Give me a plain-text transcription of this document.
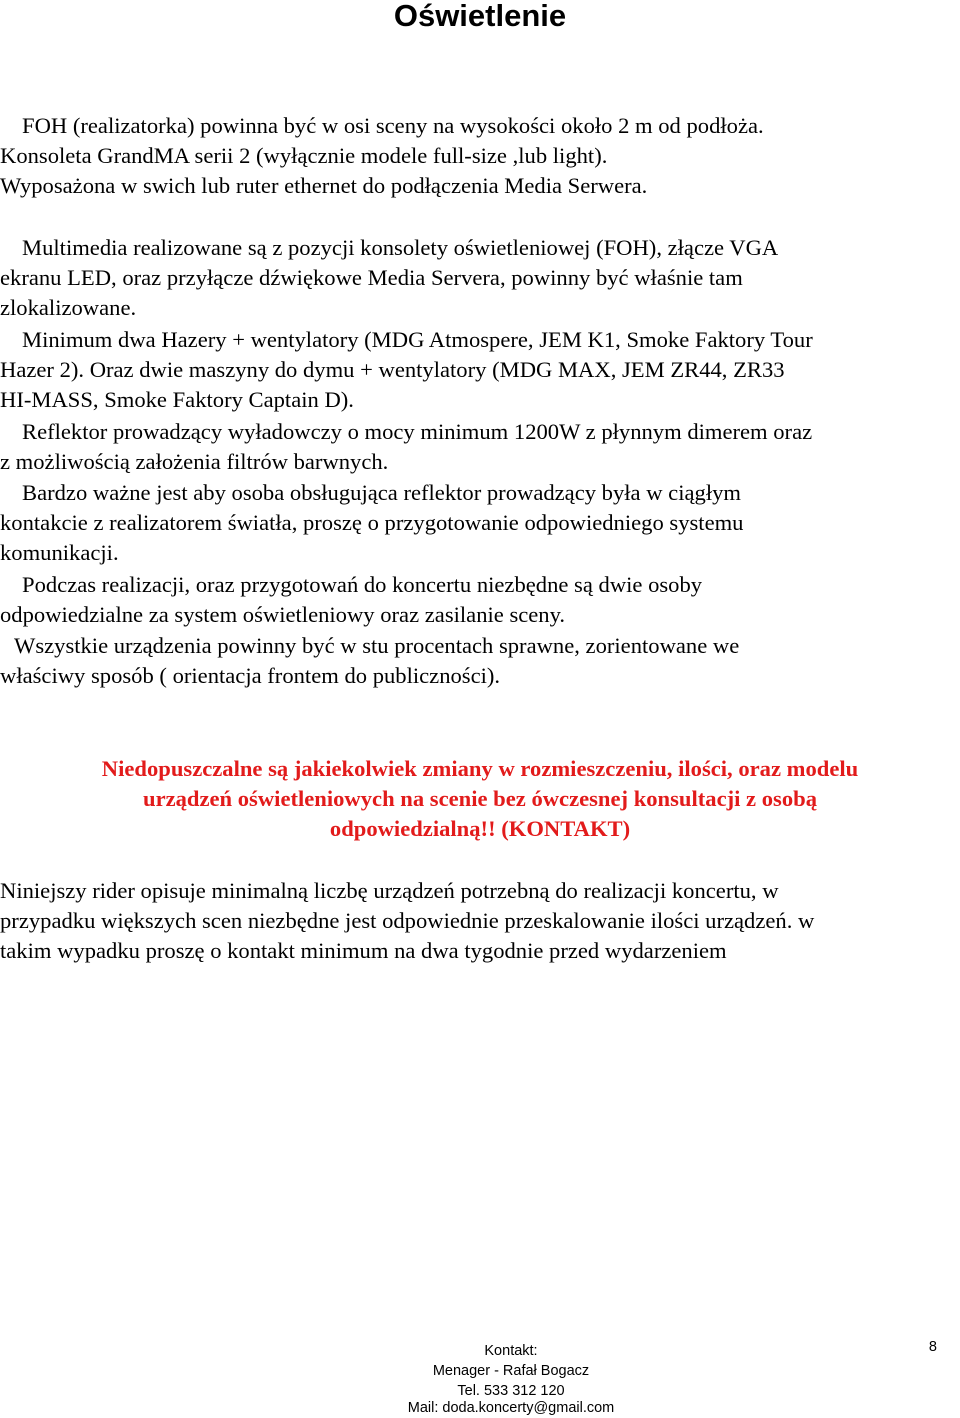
Oświetlenie
FOH (realizatorka) powinna być w osi sceny na wysokości około 2 m od podłoża.
Konsoleta GrandMA serii 2 (wyłącznie modele full-size ,lub light).
Wyposażona w swich lub ruter ethernet do podłączenia Media Serwera.
Multimedia realizowane są z pozycji konsolety oświetleniowej (FOH), złącze VGA
ekranu LED, oraz przyłącze dźwiękowe Media Servera, powinny być właśnie tam
zlokalizowane.
Minimum dwa Hazery + wentylatory (MDG Atmospere, JEM K1, Smoke Faktory Tour
Hazer 2). Oraz dwie maszyny do dymu + wentylatory (MDG MAX, JEM ZR44, ZR33
HI-MASS, Smoke Faktory Captain D).
Reflektor prowadzący wyładowczy o mocy minimum 1200W z płynnym dimerem oraz
z możliwością założenia filtrów barwnych.
Bardzo ważne jest aby osoba obsługująca reflektor prowadzący była w ciągłym
kontakcie z realizatorem światła, proszę o przygotowanie odpowiedniego systemu
komunikacji.
Podczas realizacji, oraz przygotowań do koncertu niezbędne są dwie osoby
odpowiedzialne za system oświetleniowy oraz zasilanie sceny.
Wszystkie urządzenia powinny być w stu procentach sprawne, zorientowane we
właściwy sposób ( orientacja frontem do publiczności).
Niedopuszczalne są jakiekolwiek zmiany w rozmieszczeniu, ilości, oraz modelu
urządzeń oświetleniowych na scenie bez ówczesnej konsultacji z osobą
odpowiedzialną!! (KONTAKT)
Niniejszy rider opisuje minimalną liczbę urządzeń potrzebną do realizacji koncertu, w
przypadku większych scen niezbędne jest odpowiednie przeskalowanie ilości urządzeń. w
takim wypadku proszę o kontakt minimum na dwa tygodnie przed wydarzeniem
Kontakt:
Menager - Rafał Bogacz
Tel. 533 312 120
Mail: doda.koncerty@gmail.com
8
